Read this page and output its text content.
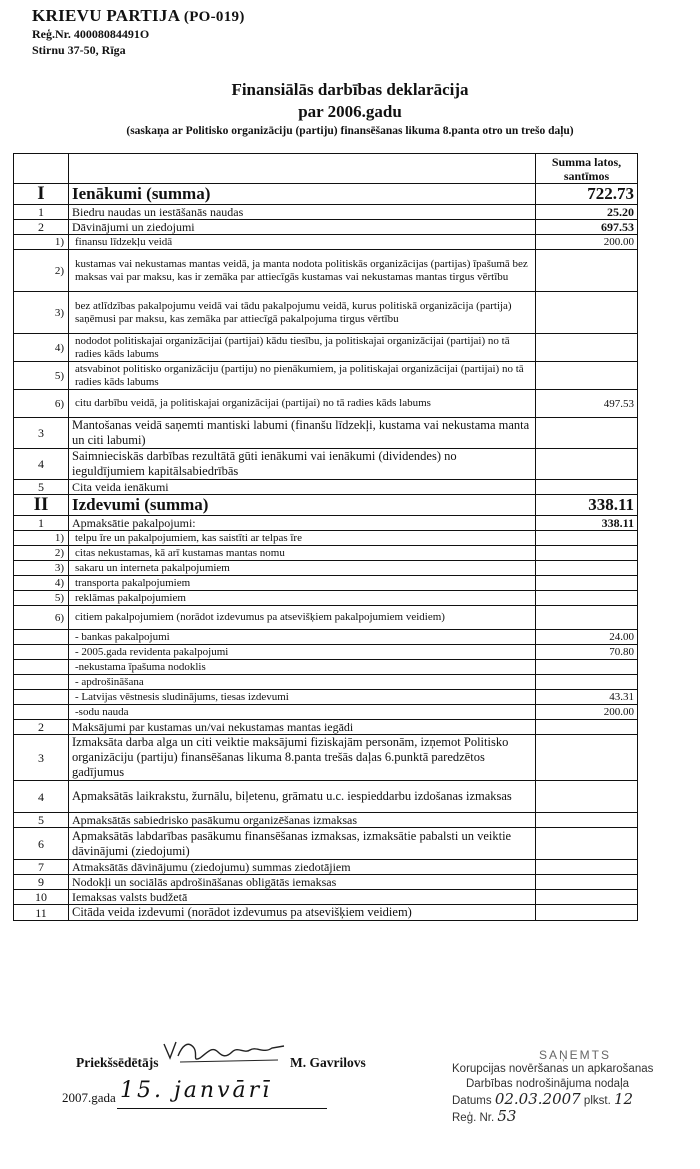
KRIEVU PARTIJA (PO-019)
Reģ.Nr. 40008084491O
Stirnu 37-50, Rīga
Finansiālās darbības deklarācija
par 2006.gadu
(saskaņa ar Politisko organizāciju (partiju) finansēšanas likuma 8.panta otro un trešo daļu)
		Summa latos, santīmos
I	Ienākumi (summa)	722.73
1	Biedru naudas un iestāšanās naudas	25.20
2	Dāvinājumi un ziedojumi	697.53
1)	finansu līdzekļu veidā	200.00
2)	kustamas vai nekustamas mantas veidā, ja manta nodota politiskās organizācijas (partijas) īpašumā bez maksas vai par maksu, kas ir zemāka par attiecīgās kustamas vai nekustamas mantas tirgus vērtību	
3)	bez atlīdzības pakalpojumu veidā vai tādu pakalpojumu veidā, kurus politiskā organizācija (partija) saņēmusi par maksu, kas zemāka par attiecīgā pakalpojuma tirgus vērtību	
4)	nododot politiskajai organizācijai (partijai) kādu tiesību, ja politiskajai organizācijai (partijai) no tā radies kāds labums	
5)	atsvabinot politisko organizāciju (partiju) no pienākumiem, ja politiskajai organizācijai (partijai) no tā radies kāds labums	
6)	citu darbību veidā, ja politiskajai organizācijai (partijai) no tā radies kāds labums	497.53
3	Mantošanas veidā saņemti mantiski labumi (finanšu līdzekļi, kustama vai nekustama manta un citi labumi)	
4	Saimnieciskās darbības rezultātā gūti ienākumi vai ienākumi (dividendes) no ieguldījumiem kapitālsabiedrībās	
5	Cita veida ienākumi	
II	Izdevumi (summa)	338.11
1	Apmaksātie pakalpojumi:	338.11
1)	telpu īre un pakalpojumiem, kas saistīti ar telpas īre	
2)	citas nekustamas, kā arī kustamas mantas nomu	
3)	sakaru un interneta pakalpojumiem	
4)	transporta pakalpojumiem	
5)	reklāmas pakalpojumiem	
6)	citiem pakalpojumiem (norādot izdevumus pa atsevišķiem pakalpojumiem veidiem)	
	- bankas pakalpojumi	24.00
	- 2005.gada revidenta pakalpojumi	70.80
	-nekustama īpašuma nodoklis	
	- apdrošināšana	
	- Latvijas vēstnesis sludinājums, tiesas izdevumi	43.31
	-sodu nauda	200.00
2	Maksājumi par kustamas un/vai nekustamas mantas iegādi	
3	Izmaksāta darba alga un citi veiktie maksājumi fiziskajām personām, izņemot Politisko organizāciju (partiju) finansēšanas likuma 8.panta trešās daļas 6.punktā paredzētos gadījumus	
4	Apmaksātās laikrakstu, žurnālu, biļetenu, grāmatu u.c. iespieddarbu izdošanas izmaksas	
5	Apmaksātās sabiedrisko pasākumu organizēšanas izmaksas	
6	Apmaksātās labdarības pasākumu finansēšanas izmaksas, izmaksātie pabalsti un veiktie dāvinājumi (ziedojumi)	
7	Atmaksātās dāvinājumu (ziedojumu) summas ziedotājiem	
9	Nodokļi un sociālās apdrošināšanas obligātās iemaksas	
10	Iemaksas valsts budžetā	
11	Citāda veida izdevumi (norādot izdevumus pa atsevišķiem veidiem)	
Priekšsēdētājs	M. Gavrilovs
2007.gada 15. janvārī
SAŅEMTS
Korupcijas novēršanas un apkarošanas
Darbības nodrošinājuma nodaļa
Datums 02.03.2007 plkst. 12
Reģ. Nr. 53
